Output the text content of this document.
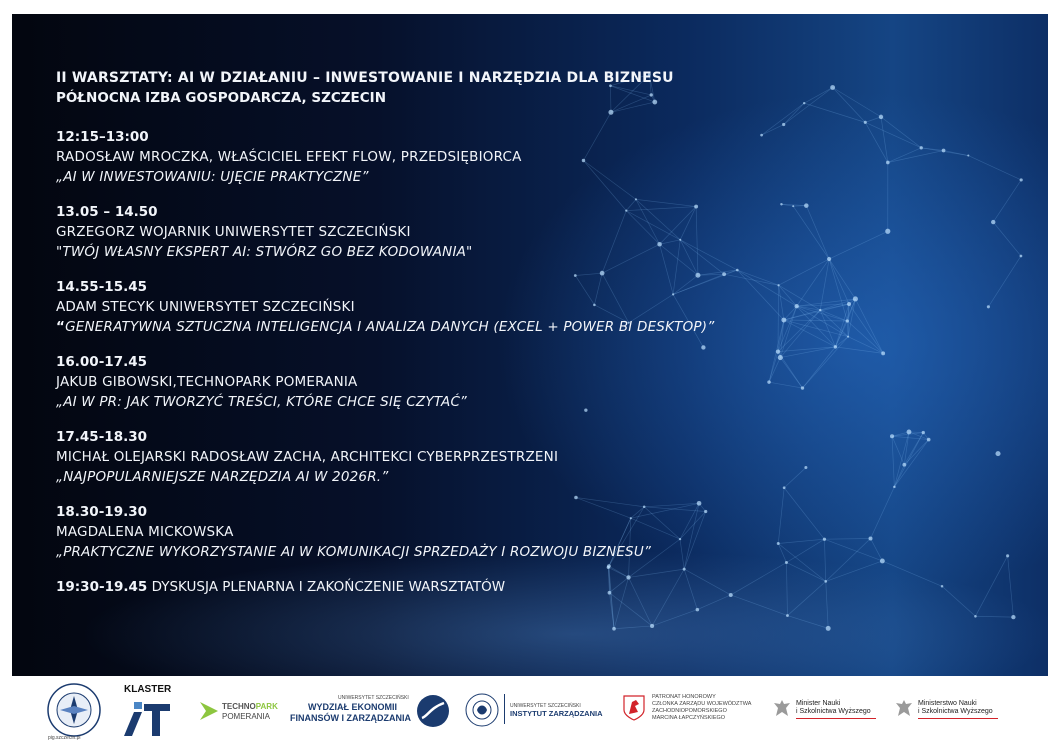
II WARSZTATY: AI W DZIAŁANIU – INWESTOWANIE I NARZĘDZIA DLA BIZNESU

PÓŁNOCNA IZBA GOSPODARCZA, SZCZECIN

12:15–13:00
RADOSŁAW MROCZKA, WŁAŚCICIEL EFEKT FLOW, PRZEDSIĘBIORCA
„AI W INWESTOWANIU: UJĘCIE PRAKTYCZNE”
13.05 – 14.50
GRZEGORZ WOJARNIK UNIWERSYTET SZCZECIŃSKI
"TWÓJ WŁASNY EKSPERT AI: STWÓRZ GO BEZ KODOWANIA"
14.55-15.45
ADAM STECYK UNIWERSYTET SZCZECIŃSKI
“GENERATYWNA SZTUCZNA INTELIGENCJA I ANALIZA DANYCH (EXCEL + POWER BI DESKTOP)”
16.00-17.45
JAKUB GIBOWSKI,TECHNOPARK POMERANIA
„AI W PR: JAK TWORZYĆ TREŚCI, KTÓRE CHCE SIĘ CZYTAĆ”
17.45-18.30
MICHAŁ OLEJARSKI RADOSŁAW ZACHA, ARCHITEKCI CYBERPRZESTRZENI
„NAJPOPULARNIEJSZE NARZĘDZIA AI W 2026R.”
18.30-19.30
MAGDALENA MICKOWSKA
„PRAKTYCZNE WYKORZYSTANIE AI W KOMUNIKACJI SPRZEDAŻY I ROZWOJU BIZNESU”
19:30-19.45 DYSKUSJA PLENARNA I ZAKOŃCZENIE WARSZTATÓW
pig.szczecin.pl
KLASTER
TECHNOPARK
POMERANIA
UNIWERSYTET SZCZECIŃSKI
WYDZIAŁ EKONOMII
FINANSÓW I ZARZĄDZANIA
UNIWERSYTET SZCZECIŃSKI
INSTYTUT ZARZĄDZANIA
PATRONAT HONOROWY
CZŁONKA ZARZĄDU WOJEWÓDZTWA
ZACHODNIOPOMORSKIEGO
MARCINA ŁAPCZYŃSKIEGO
Minister Nauki
i Szkolnictwa Wyższego
Ministerstwo Nauki
i Szkolnictwa Wyższego
